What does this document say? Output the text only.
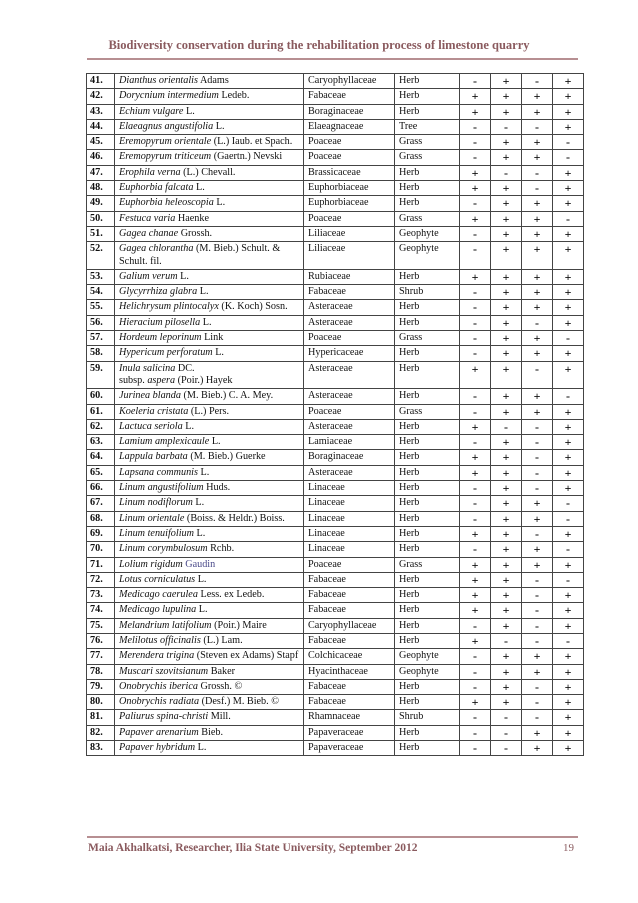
Biodiversity conservation during the rehabilitation process of limestone quarry
41.	Dianthus orientalis Adams	Caryophyllaceae	Herb	-	+	-	+
42.	Dorycnium intermedium Ledeb.	Fabaceae	Herb	+	+	+	+
43.	Echium vulgare L.	Boraginaceae	Herb	+	+	+	+
44.	Elaeagnus angustifolia L.	Elaeagnaceae	Tree	-	-	-	+
45.	Eremopyrum orientale (L.) Iaub. et Spach.	Poaceae	Grass	-	+	+	-
46.	Eremopyrum triticeum (Gaertn.) Nevski	Poaceae	Grass	-	+	+	-
47.	Erophila verna (L.) Chevall.	Brassicaceae	Herb	+	-	-	+
48.	Euphorbia falcata L.	Euphorbiaceae	Herb	+	+	-	+
49.	Euphorbia heleoscopia L.	Euphorbiaceae	Herb	-	+	+	+
50.	Festuca varia Haenke	Poaceae	Grass	+	+	+	-
51.	Gagea chanae Grossh.	Liliaceae	Geophyte	-	+	+	+
52.	Gagea chlorantha (M. Bieb.) Schult. & Schult. fil.	Liliaceae	Geophyte	-	+	+	+
53.	Galium verum L.	Rubiaceae	Herb	+	+	+	+
54.	Glycyrrhiza glabra L.	Fabaceae	Shrub	-	+	+	+
55.	Helichrysum plintocalyx (K. Koch) Sosn.	Asteraceae	Herb	-	+	+	+
56.	Hieracium pilosella L.	Asteraceae	Herb	-	+	-	+
57.	Hordeum leporinum Link	Poaceae	Grass	-	+	+	-
58.	Hypericum perforatum L.	Hypericaceae	Herb	-	+	+	+
59.	Inula salicina DC.
subsp. aspera (Poir.) Hayek	Asteraceae	Herb	+	+	-	+
60.	Jurinea blanda (M. Bieb.) C. A. Mey.	Asteraceae	Herb	-	+	+	-
61.	Koeleria cristata (L.) Pers.	Poaceae	Grass	-	+	+	+
62.	Lactuca seriola L.	Asteraceae	Herb	+	-	-	+
63.	Lamium amplexicaule L.	Lamiaceae	Herb	-	+	-	+
64.	Lappula barbata (M. Bieb.) Guerke	Boraginaceae	Herb	+	+	-	+
65.	Lapsana communis L.	Asteraceae	Herb	+	+	-	+
66.	Linum angustifolium Huds.	Linaceae	Herb	-	+	-	+
67.	Linum nodiflorum L.	Linaceae	Herb	-	+	+	-
68.	Linum orientale (Boiss. & Heldr.) Boiss.	Linaceae	Herb	-	+	+	-
69.	Linum tenuifolium L.	Linaceae	Herb	+	+	-	+
70.	Linum corymbulosum Rchb.	Linaceae	Herb	-	+	+	-
71.	Lolium rigidum Gaudin	Poaceae	Grass	+	+	+	+
72.	Lotus corniculatus L.	Fabaceae	Herb	+	+	-	-
73.	Medicago caerulea Less. ex Ledeb.	Fabaceae	Herb	+	+	-	+
74.	Medicago lupulina L.	Fabaceae	Herb	+	+	-	+
75.	Melandrium latifolium (Poir.) Maire	Caryophyllaceae	Herb	-	+	-	+
76.	Melilotus officinalis (L.) Lam.	Fabaceae	Herb	+	-	-	-
77.	Merendera trigina (Steven ex Adams) Stapf	Colchicaceae	Geophyte	-	+	+	+
78.	Muscari szovitsianum Baker	Hyacinthaceae	Geophyte	-	+	+	+
79.	Onobrychis iberica Grossh. ©	Fabaceae	Herb	-	+	-	+
80.	Onobrychis radiata (Desf.) M. Bieb. ©	Fabaceae	Herb	+	+	-	+
81.	Paliurus spina-christi Mill.	Rhamnaceae	Shrub	-	-	-	+
82.	Papaver arenarium Bieb.	Papaveraceae	Herb	-	-	+	+
83.	Papaver hybridum L.	Papaveraceae	Herb	-	-	+	+
Maia Akhalkatsi, Researcher, Ilia State University, September 2012	19
